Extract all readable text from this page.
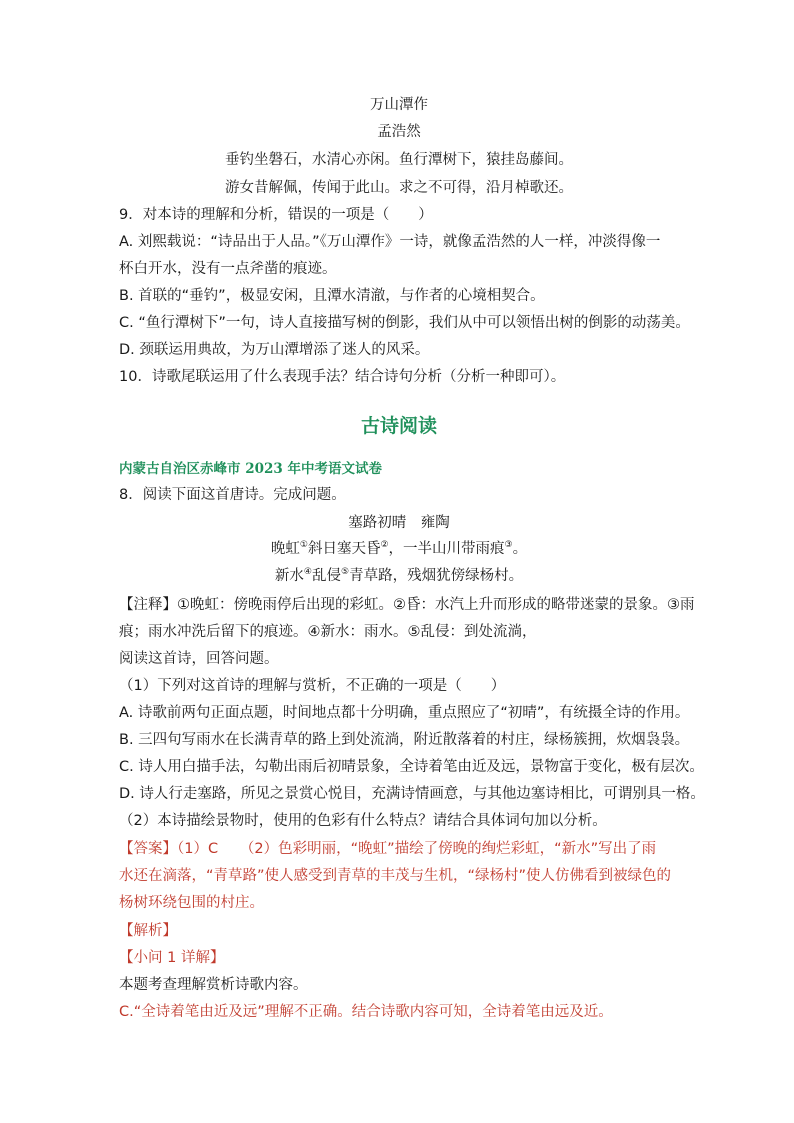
万山潭作
孟浩然
垂钓坐磐石，水清心亦闲。鱼行潭树下，猿挂岛藤间。
游女昔解佩，传闻于此山。求之不可得，沿月棹歌还。
9．对本诗的理解和分析，错误的一项是（　　）
A. 刘熙载说：“诗品出于人品。”《万山潭作》一诗，就像孟浩然的人一样，冲淡得像一
杯白开水，没有一点斧凿的痕迹。
B. 首联的“垂钓”，极显安闲，且潭水清澈，与作者的心境相契合。
C. “鱼行潭树下”一句，诗人直接描写树的倒影，我们从中可以领悟出树的倒影的动荡美。
D. 颈联运用典故，为万山潭增添了迷人的风采。
10．诗歌尾联运用了什么表现手法？结合诗句分析（分析一种即可）。
古诗阅读
内蒙古自治区赤峰市 2023 年中考语文试卷
8．阅读下面这首唐诗。完成问题。
塞路初晴　雍陶
晚虹①斜日塞天昏②，一半山川带雨痕③。
新水④乱侵⑤青草路，残烟犹傍绿杨村。
【注释】①晚虹：傍晚雨停后出现的彩虹。②昏：水汽上升而形成的略带迷蒙的景象。③雨
痕；雨水冲洗后留下的痕迹。④新水：雨水。⑤乱侵：到处流淌，
阅读这首诗，回答问题。
（1）下列对这首诗的理解与赏析，不正确的一项是（　　）
A. 诗歌前两句正面点题，时间地点都十分明确，重点照应了“初晴”，有统摄全诗的作用。
B. 三四句写雨水在长满青草的路上到处流淌，附近散落着的村庄，绿杨簇拥，炊烟袅袅。
C. 诗人用白描手法，勾勒出雨后初晴景象，全诗着笔由近及远，景物富于变化，极有层次。
D. 诗人行走塞路，所见之景赏心悦目，充满诗情画意，与其他边塞诗相比，可谓别具一格。
（2）本诗描绘景物时，使用的色彩有什么特点？请结合具体词句加以分析。
【答案】（1）C　　（2）色彩明丽，“晚虹”描绘了傍晚的绚烂彩虹，“新水”写出了雨
水还在滴落，“青草路”使人感受到青草的丰茂与生机，“绿杨村”使人仿佛看到被绿色的
杨树环绕包围的村庄。
【解析】
【小问 1 详解】
本题考查理解赏析诗歌内容。
C.“全诗着笔由近及远”理解不正确。结合诗歌内容可知，全诗着笔由远及近。
